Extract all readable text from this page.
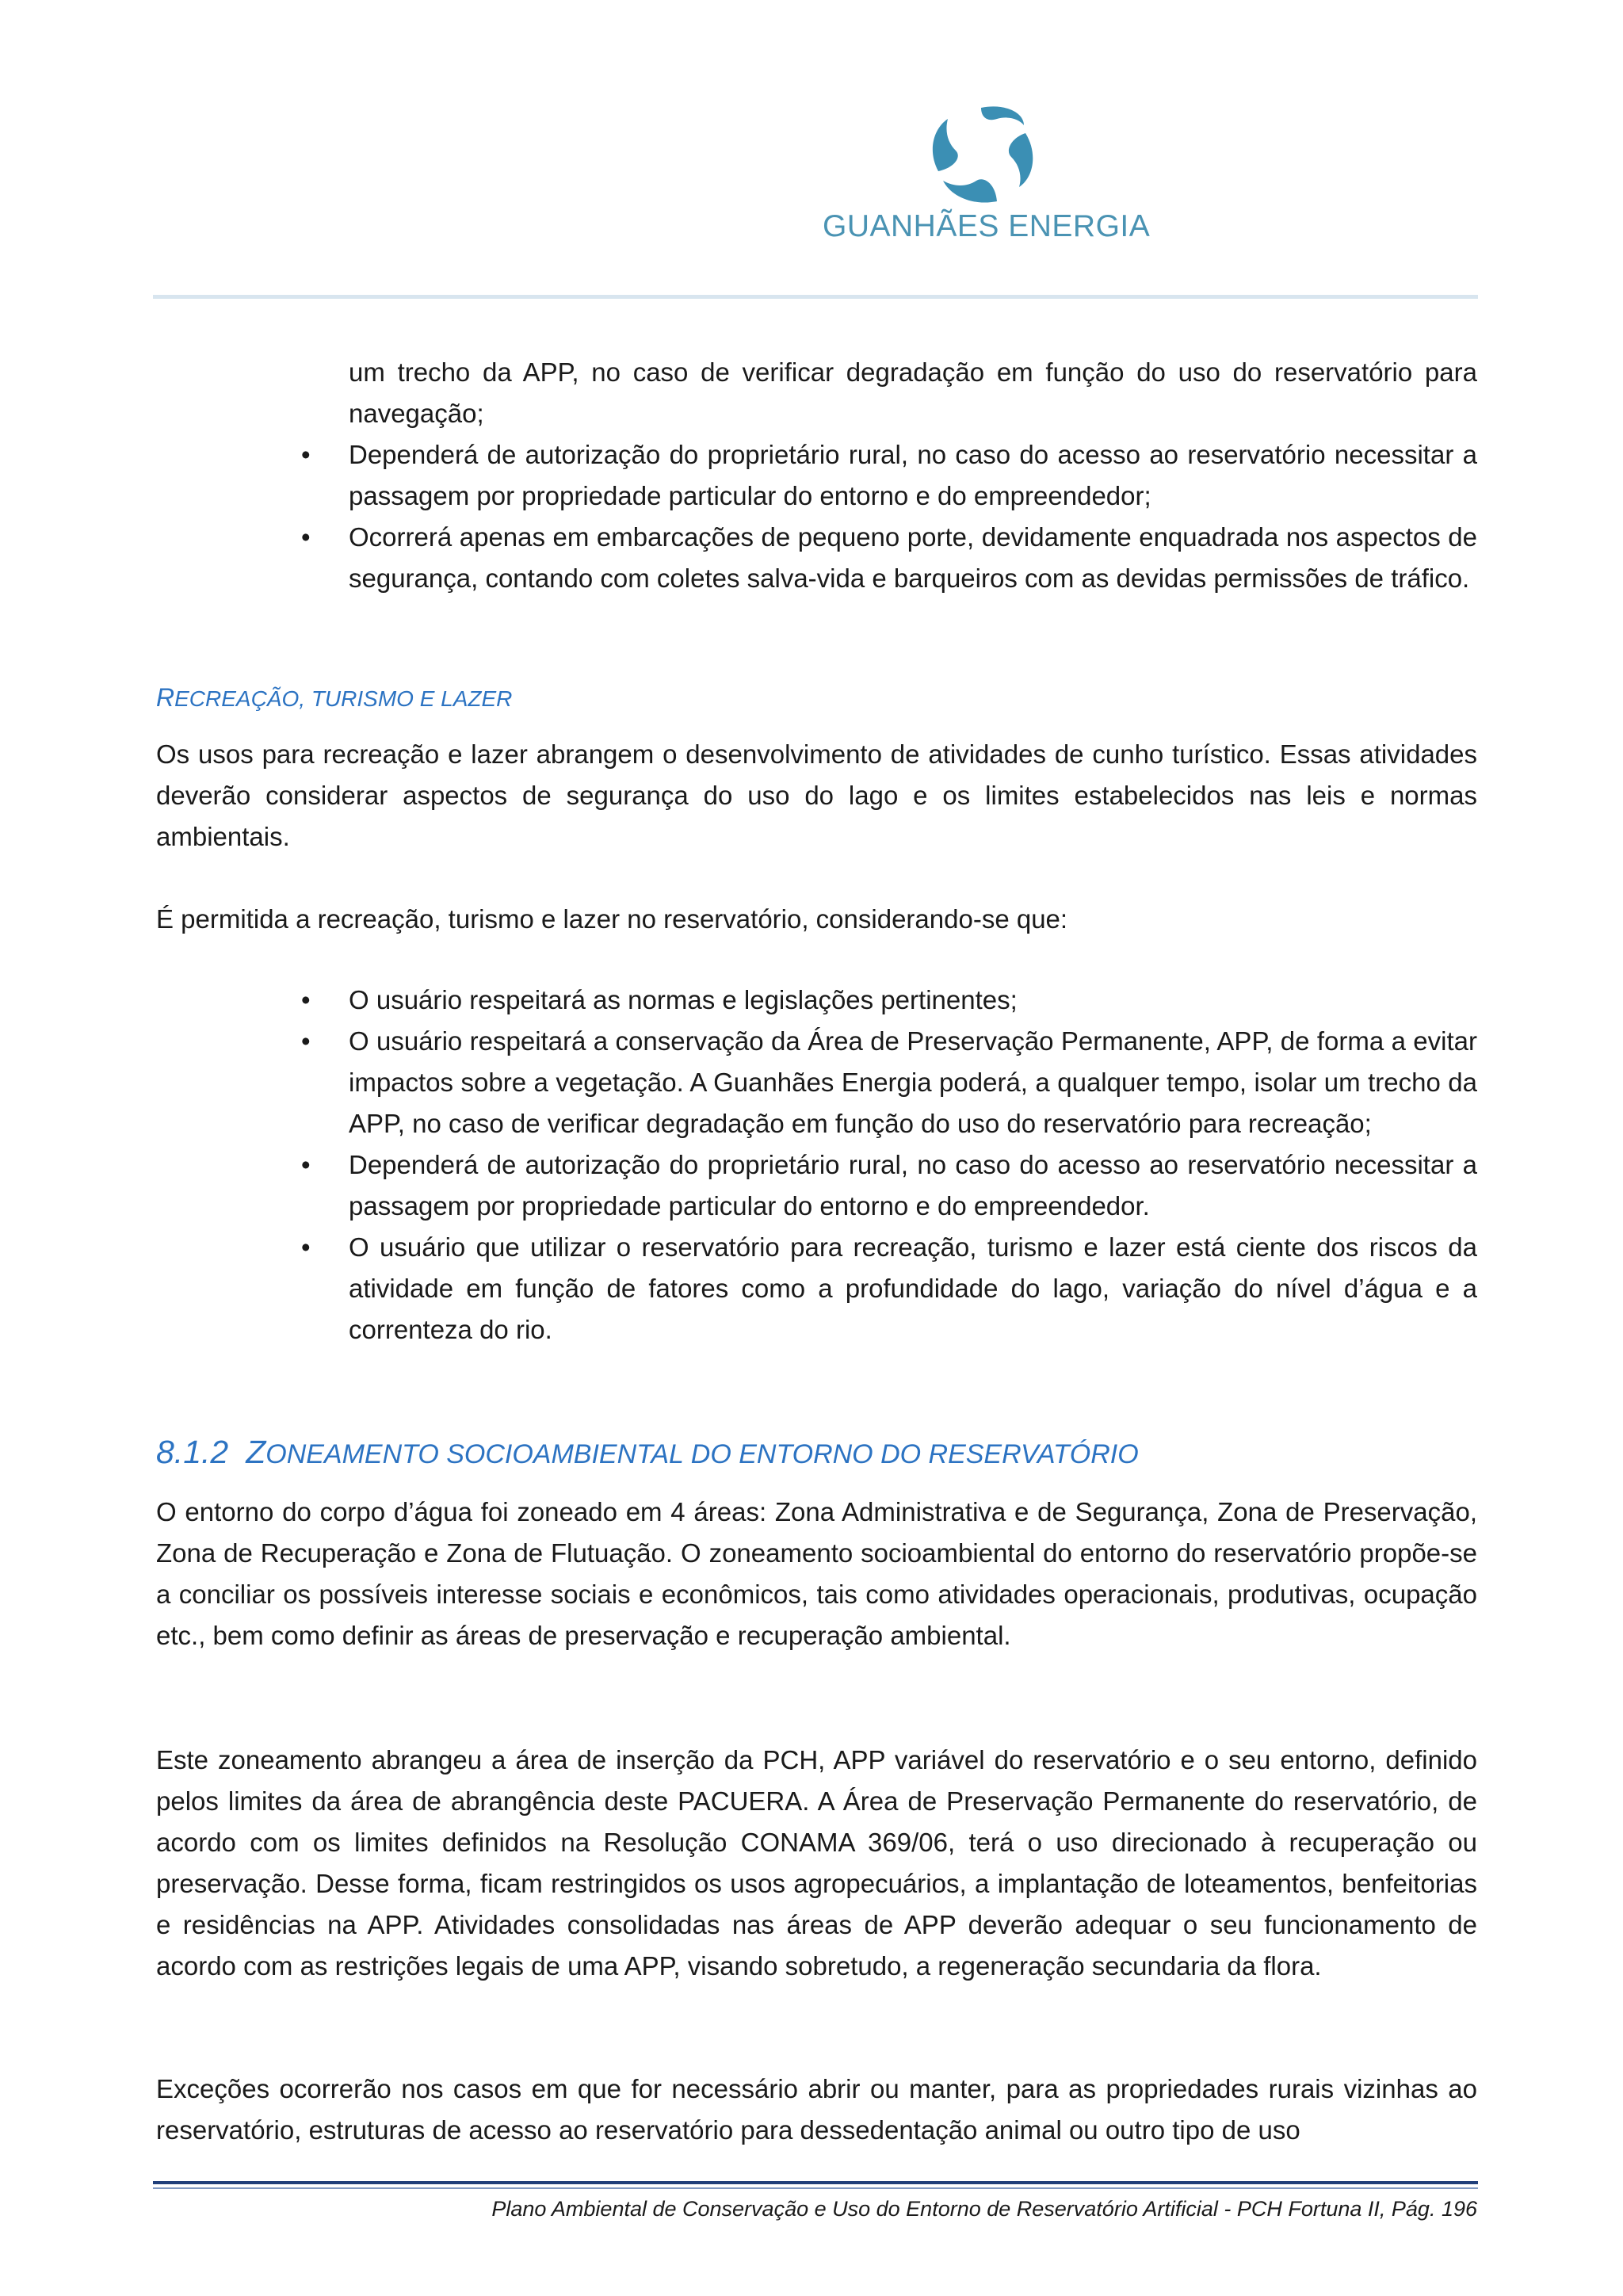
GUANHÃES ENERGIA

um trecho da APP, no caso de verificar degradação em função do uso do reservatório para navegação;

• Dependerá de autorização do proprietário rural, no caso do acesso ao reservatório necessitar a passagem por propriedade particular do entorno e do empreendedor;
• Ocorrerá apenas em embarcações de pequeno porte, devidamente enquadrada nos aspectos de segurança, contando com coletes salva-vida e barqueiros com as devidas permissões de tráfico.
RECREAÇÃO, TURISMO E LAZER

Os usos para recreação e lazer abrangem o desenvolvimento de atividades de cunho turístico. Essas atividades deverão considerar aspectos de segurança do uso do lago e os limites estabelecidos nas leis e normas ambientais.

É permitida a recreação, turismo e lazer no reservatório, considerando-se que:

• O usuário respeitará as normas e legislações pertinentes;
• O usuário respeitará a conservação da Área de Preservação Permanente, APP, de forma a evitar impactos sobre a vegetação. A Guanhães Energia poderá, a qualquer tempo, isolar um trecho da APP, no caso de verificar degradação em função do uso do reservatório para recreação;
• Dependerá de autorização do proprietário rural, no caso do acesso ao reservatório necessitar a passagem por propriedade particular do entorno e do empreendedor.
• O usuário que utilizar o reservatório para recreação, turismo e lazer está ciente dos riscos da atividade em função de fatores como a profundidade do lago, variação do nível d’água e a correnteza do rio.
8.1.2 ZONEAMENTO SOCIOAMBIENTAL DO ENTORNO DO RESERVATÓRIO

O entorno do corpo d’água foi zoneado em 4 áreas: Zona Administrativa e de Segurança, Zona de Preservação, Zona de Recuperação e Zona de Flutuação. O zoneamento socioambiental do entorno do reservatório propõe-se a conciliar os possíveis interesse sociais e econômicos, tais como atividades operacionais, produtivas, ocupação etc., bem como definir as áreas de preservação e recuperação ambiental.

Este zoneamento abrangeu a área de inserção da PCH, APP variável do reservatório e o seu entorno, definido pelos limites da área de abrangência deste PACUERA. A Área de Preservação Permanente do reservatório, de acordo com os limites definidos na Resolução CONAMA 369/06, terá o uso direcionado à recuperação ou preservação. Desse forma, ficam restringidos os usos agropecuários, a implantação de loteamentos, benfeitorias e residências na APP. Atividades consolidadas nas áreas de APP deverão adequar o seu funcionamento de acordo com as restrições legais de uma APP, visando sobretudo, a regeneração secundaria da flora.

Exceções ocorrerão nos casos em que for necessário abrir ou manter, para as propriedades rurais vizinhas ao reservatório, estruturas de acesso ao reservatório para dessedentação animal ou outro tipo de uso

Plano Ambiental de Conservação e Uso do Entorno de Reservatório Artificial - PCH Fortuna II, Pág. 196
